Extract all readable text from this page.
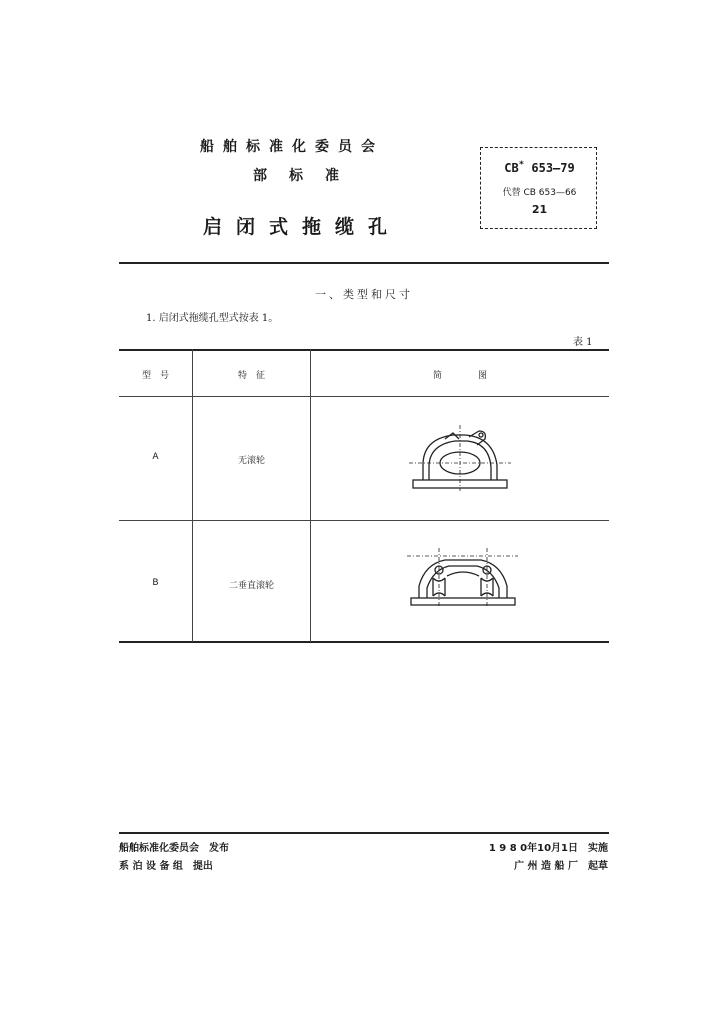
船舶标准化委员会
部标准
启闭式拖缆孔
CB* 653—79
代替 CB 653—66
21
一、类型和尺寸
1. 启闭式拖缆孔型式按表 1。
表 1
型　号	特　征	简　　　　图
A	无滚轮
B	二垂直滚轮
船舶标准化委员会　发布
系 泊 设 备 组　提出
1 9 8 0年10月1日　实施
广 州 造 船 厂　起草
